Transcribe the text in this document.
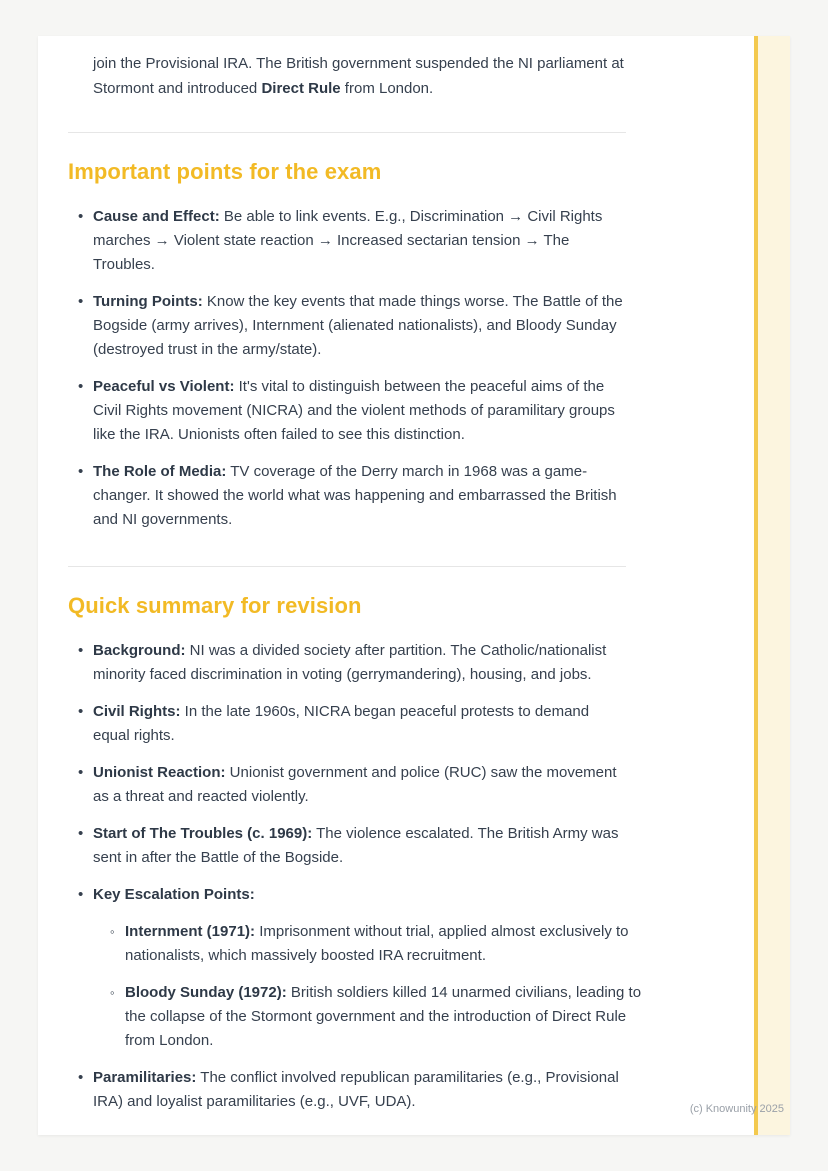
join the Provisional IRA. The British government suspended the NI parliament at Stormont and introduced Direct Rule from London.

Important points for the exam
• Cause and Effect: Be able to link events. E.g., Discrimination → Civil Rights marches → Violent state reaction → Increased sectarian tension → The Troubles.

• Turning Points: Know the key events that made things worse. The Battle of the Bogside (army arrives), Internment (alienated nationalists), and Bloody Sunday (destroyed trust in the army/state).

• Peaceful vs Violent: It's vital to distinguish between the peaceful aims of the Civil Rights movement (NICRA) and the violent methods of paramilitary groups like the IRA. Unionists often failed to see this distinction.

• The Role of Media: TV coverage of the Derry march in 1968 was a game-changer. It showed the world what was happening and embarrassed the British and NI governments.

Quick summary for revision
• Background: NI was a divided society after partition. The Catholic/nationalist minority faced discrimination in voting (gerrymandering), housing, and jobs.

• Civil Rights: In the late 1960s, NICRA began peaceful protests to demand equal rights.

• Unionist Reaction: Unionist government and police (RUC) saw the movement as a threat and reacted violently.

• Start of The Troubles (c. 1969): The violence escalated. The British Army was sent in after the Battle of the Bogside.

• Key Escalation Points:

◦ Internment (1971): Imprisonment without trial, applied almost exclusively to nationalists, which massively boosted IRA recruitment.

◦ Bloody Sunday (1972): British soldiers killed 14 unarmed civilians, leading to the collapse of the Stormont government and the introduction of Direct Rule from London.

• Paramilitaries: The conflict involved republican paramilitaries (e.g., Provisional IRA) and loyalist paramilitaries (e.g., UVF, UDA).	(c) Knowunity 2025
